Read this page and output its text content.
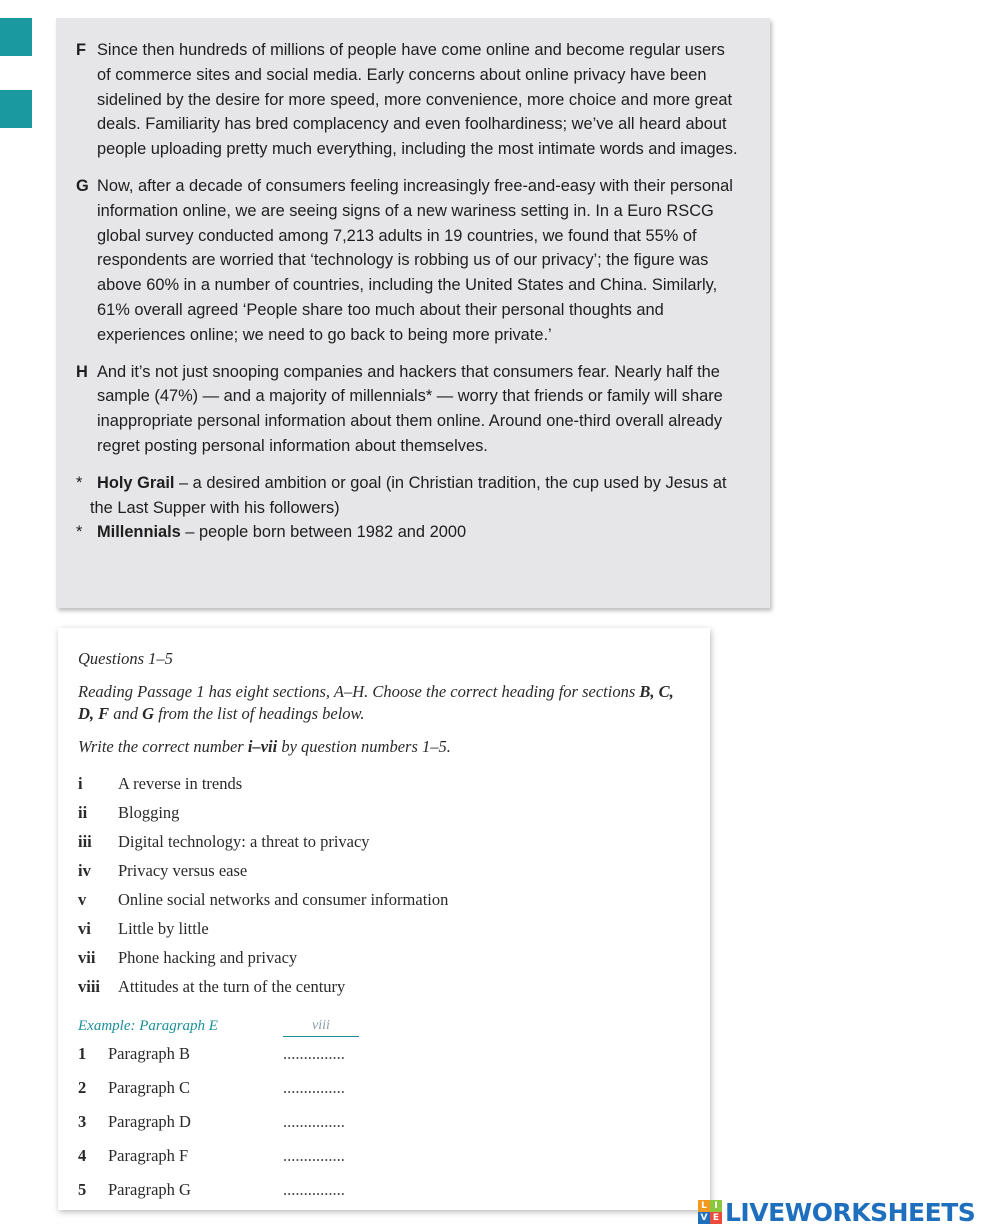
F Since then hundreds of millions of people have come online and become regular users of commerce sites and social media. Early concerns about online privacy have been sidelined by the desire for more speed, more convenience, more choice and more great deals. Familiarity has bred complacency and even foolhardiness; we’ve all heard about people uploading pretty much everything, including the most intimate words and images.
G Now, after a decade of consumers feeling increasingly free-and-easy with their personal information online, we are seeing signs of a new wariness setting in. In a Euro RSCG global survey conducted among 7,213 adults in 19 countries, we found that 55% of respondents are worried that ‘technology is robbing us of our privacy’; the figure was above 60% in a number of countries, including the United States and China. Similarly, 61% overall agreed ‘People share too much about their personal thoughts and experiences online; we need to go back to being more private.’
H And it’s not just snooping companies and hackers that consumers fear. Nearly half the sample (47%) — and a majority of millennials* — worry that friends or family will share inappropriate personal information about them online. Around one-third overall already regret posting personal information about themselves.
* Holy Grail – a desired ambition or goal (in Christian tradition, the cup used by Jesus at the Last Supper with his followers)
* Millennials – people born between 1982 and 2000
Questions 1–5
Reading Passage 1 has eight sections, A–H. Choose the correct heading for sections B, C, D, F and G from the list of headings below.
Write the correct number i–vii by question numbers 1–5.
i	A reverse in trends
ii	Blogging
iii	Digital technology: a threat to privacy
iv	Privacy versus ease
v	Online social networks and consumer information
vi	Little by little
vii	Phone hacking and privacy
viii	Attitudes at the turn of the century
Example: Paragraph E	viii
1	Paragraph B	...............
2	Paragraph C	...............
3	Paragraph D	...............
4	Paragraph F	...............
5	Paragraph G	...............
L I
V E LIVEWORKSHEETS
